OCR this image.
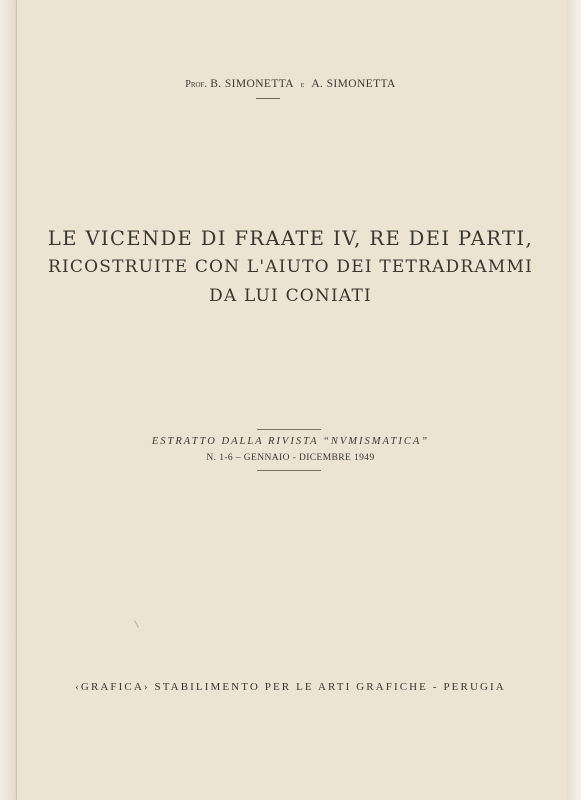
Prof. B. SIMONETTA e A. SIMONETTA
LE VICENDE DI FRAATE IV, RE DEI PARTI,
RICOSTRUITE CON L'AIUTO DEI TETRADRAMMI
DA LUI CONIATI
ESTRATTO DALLA RIVISTA “NVMISMATICA”
N. 1-6 – GENNAIO - DICEMBRE 1949
‹GRAFICA› STABILIMENTO PER LE ARTI GRAFICHE - PERUGIA
